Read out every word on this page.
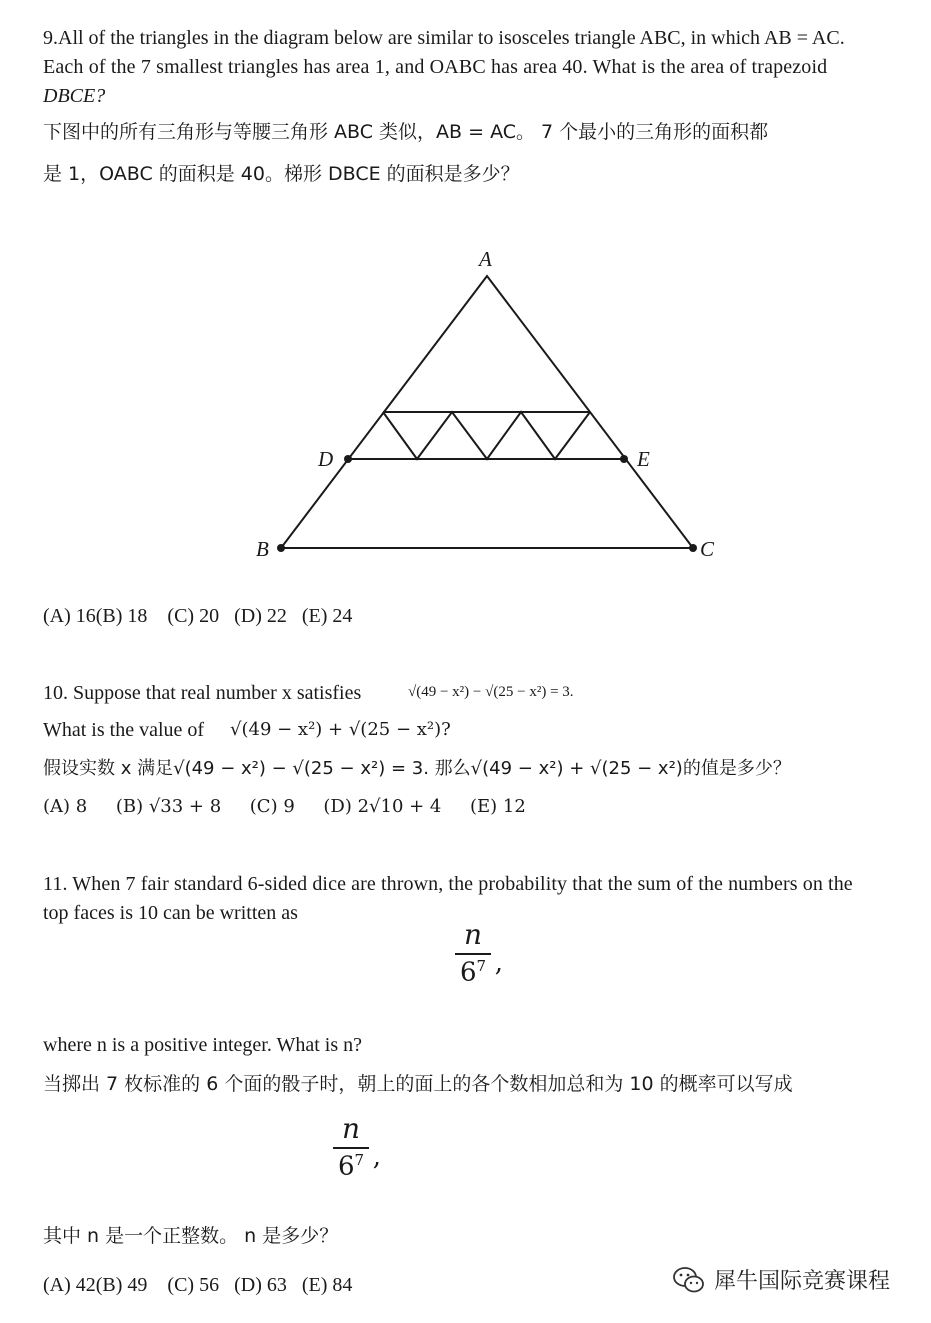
9.All of the triangles in the diagram below are similar to isosceles triangle ABC, in which AB = AC.
Each of the 7 smallest triangles has area 1, and OABC has area 40. What is the area of trapezoid
DBCE?
下图中的所有三角形与等腰三角形 ABC 类似，AB = AC。 7 个最小的三角形的面积都
是 1，OABC 的面积是 40。梯形 DBCE 的面积是多少？
A
D	E
B	C
(A) 16(B) 18    (C) 20   (D) 22   (E) 24
10. Suppose that real number x satisfies	√(49 − x²) − √(25 − x²) = 3.
What is the value of √(49 − x²) + √(25 − x²)?
假设实数 x 满足√(49 − x²) − √(25 − x²) = 3. 那么√(49 − x²) + √(25 − x²)的值是多少？
(A) 8     (B) √33 + 8     (C) 9     (D) 2√10 + 4     (E) 12
11. When 7 fair standard 6-sided dice are thrown, the probability that the sum of the numbers on the
top faces is 10 can be written as
n
$6^7$ ,
where n is a positive integer. What is n?
当掷出 7 枚标准的 6 个面的骰子时，朝上的面上的各个数相加总和为 10 的概率可以写成
n
$6^7$ ,
其中 n 是一个正整数。 n 是多少？
(A) 42(B) 49    (C) 56   (D) 63   (E) 84	犀牛国际竞赛课程
